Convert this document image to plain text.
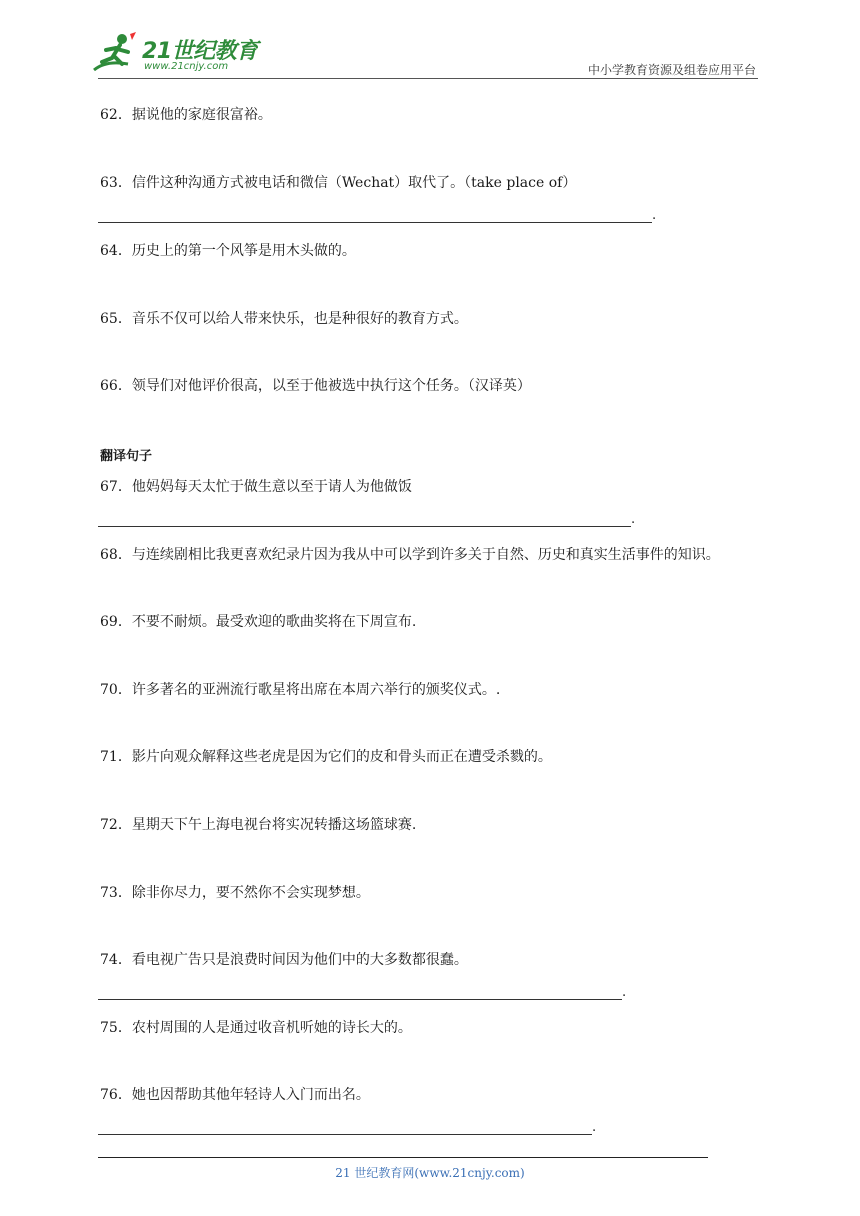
21世纪教育
www.21cnjy.com	中小学教育资源及组卷应用平台
62．据说他的家庭很富裕。
63．信件这种沟通方式被电话和微信（Wechat）取代了。（take place of）
.
64．历史上的第一个风筝是用木头做的。
65．音乐不仅可以给人带来快乐，也是种很好的教育方式。
66．领导们对他评价很高，以至于他被选中执行这个任务。（汉译英）
翻译句子
67．他妈妈每天太忙于做生意以至于请人为他做饭
.
68．与连续剧相比我更喜欢纪录片因为我从中可以学到许多关于自然、历史和真实生活事件的知识。
69．不要不耐烦。最受欢迎的歌曲奖将在下周宣布.
70．许多著名的亚洲流行歌星将出席在本周六举行的颁奖仪式。.
71．影片向观众解释这些老虎是因为它们的皮和骨头而正在遭受杀戮的。
72．星期天下午上海电视台将实况转播这场篮球赛.
73．除非你尽力，要不然你不会实现梦想。
74．看电视广告只是浪费时间因为他们中的大多数都很蠢。
.
75．农村周围的人是通过收音机听她的诗长大的。
76．她也因帮助其他年轻诗人入门而出名。
.
21 世纪教育网(www.21cnjy.com)
